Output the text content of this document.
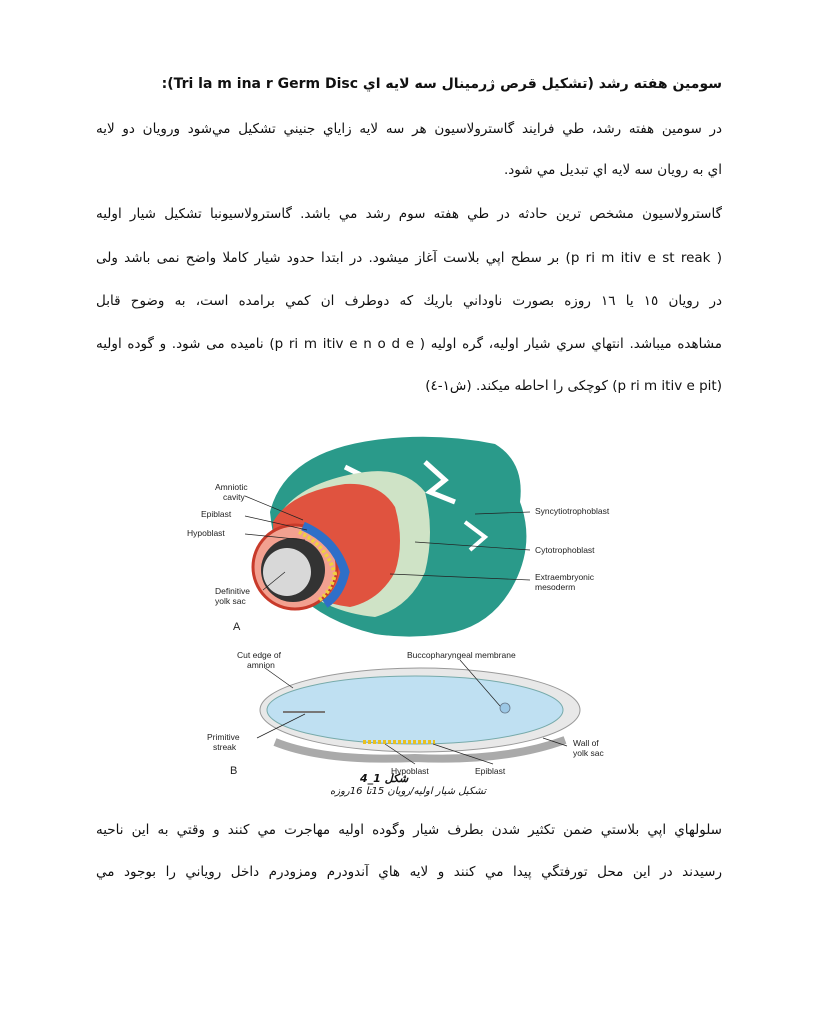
سومين هفته رشد (تشكيل قرص ژرمينال سه لايه اي Tri la m ina r Germ Disc):
در سومين هفته رشد، طي فرايند گاسترولاسيون هر سه لايه زاياي جنيني تشكيل مي‌شود ورويان دو لايه
اي به رويان سه لايه اي تبديل مي شود.
گاسترولاسيون مشخص ترين حادثه در طي هفته سوم رشد مي باشد. گاسترولاسيونبا تشكيل شيار اوليه
( p ri m itiv e st reak) بر سطح اپي بلاست آغاز ميشود. در ابتدا حدود شيار كاملا واضح نمی باشد ولی
در رويان ١٥ يا ١٦ روزه بصورت ناوداني باريك كه دوطرف ان كمي برامده است، به وضوح قابل
مشاهده ميباشد. انتهاي سري شيار اوليه، گره اوليه ( p ri m itiv e n o d e) ناميده می شود. و گوده اوليه
(p ri m itiv e pit) كوچكی را احاطه ميكند. (ش١-٤)
Amniotic
cavity
Epiblast
Hypoblast
Definitive
yolk sac
Syncytiotrophoblast
Cytotrophoblast
Extraembryonic
mesoderm
A
Cut edge of
amnion
Buccopharyngeal membrane
Primitive
streak	Wall of
yolk sac
Hypoblast	Epiblast
B
شكل 1_4
تشکیل شیار اولیه/رویان 15تا 16روزه
سلولهاي اپي بلاستي ضمن تكثير شدن بطرف شيار وگوده اوليه مهاجرت مي كنند و وقتي به اين ناحيه
رسيدند در اين محل تورفتگي پيدا مي كنند و لايه هاي آندودرم ومزودرم داخل روياني را بوجود مي
